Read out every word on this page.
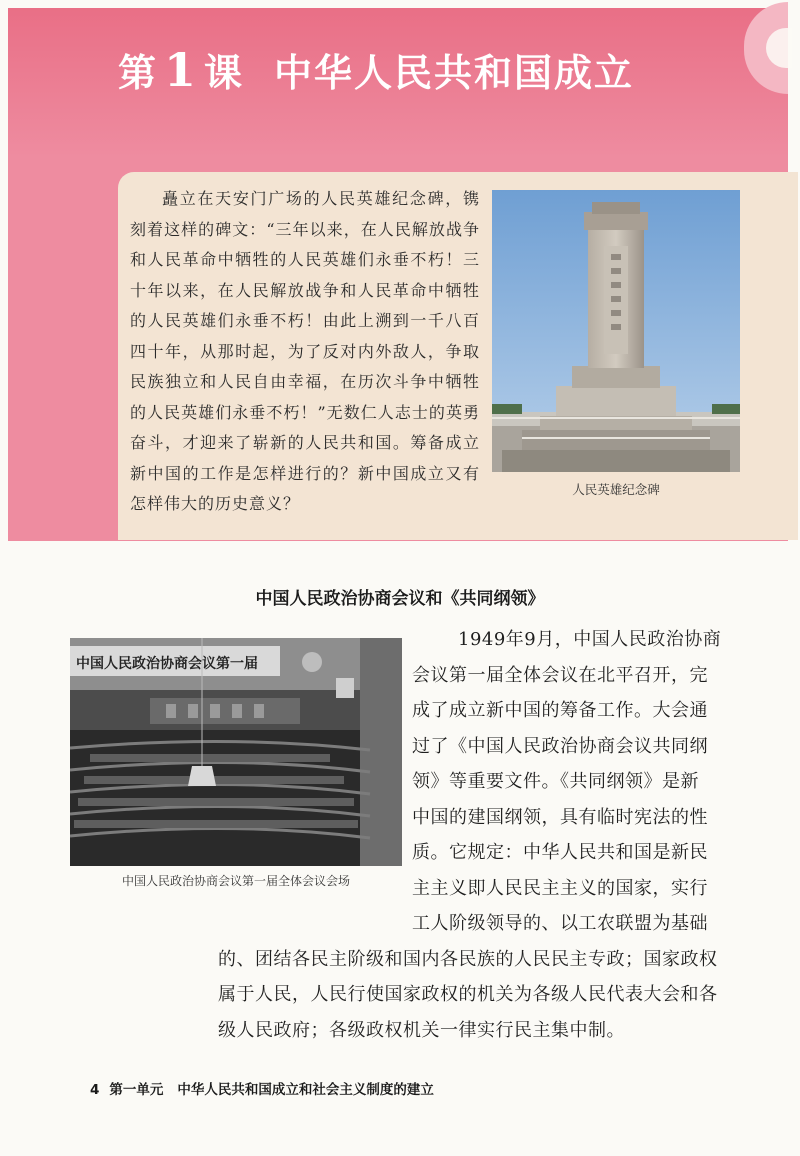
第 1 课 中华人民共和国成立

矗立在天安门广场的人民英雄纪念碑，镌刻着这样的碑文：“三年以来，在人民解放战争和人民革命中牺牲的人民英雄们永垂不朽！三十年以来，在人民解放战争和人民革命中牺牲的人民英雄们永垂不朽！由此上溯到一千八百四十年，从那时起，为了反对内外敌人，争取民族独立和人民自由幸福，在历次斗争中牺牲的人民英雄们永垂不朽！”无数仁人志士的英勇奋斗，才迎来了崭新的人民共和国。筹备成立新中国的工作是怎样进行的？新中国成立又有怎样伟大的历史意义？

人民英雄纪念碑

中国人民政治协商会议和《共同纲领》
中国人民政治协商会议第一届

中国人民政治协商会议第一届全体会议会场

1949年9月，中国人民政治协商
会议第一届全体会议在北平召开，完
成了成立新中国的筹备工作。大会通
过了《中国人民政治协商会议共同纲
领》等重要文件。《共同纲领》是新
中国的建国纲领，具有临时宪法的性
质。它规定：中华人民共和国是新民
主主义即人民民主主义的国家，实行
工人阶级领导的、以工农联盟为基础
的、团结各民主阶级和国内各民族的人民民主专政；国家政权
属于人民，人民行使国家政权的机关为各级人民代表大会和各
级人民政府；各级政权机关一律实行民主集中制。

4 第一单元 中华人民共和国成立和社会主义制度的建立
